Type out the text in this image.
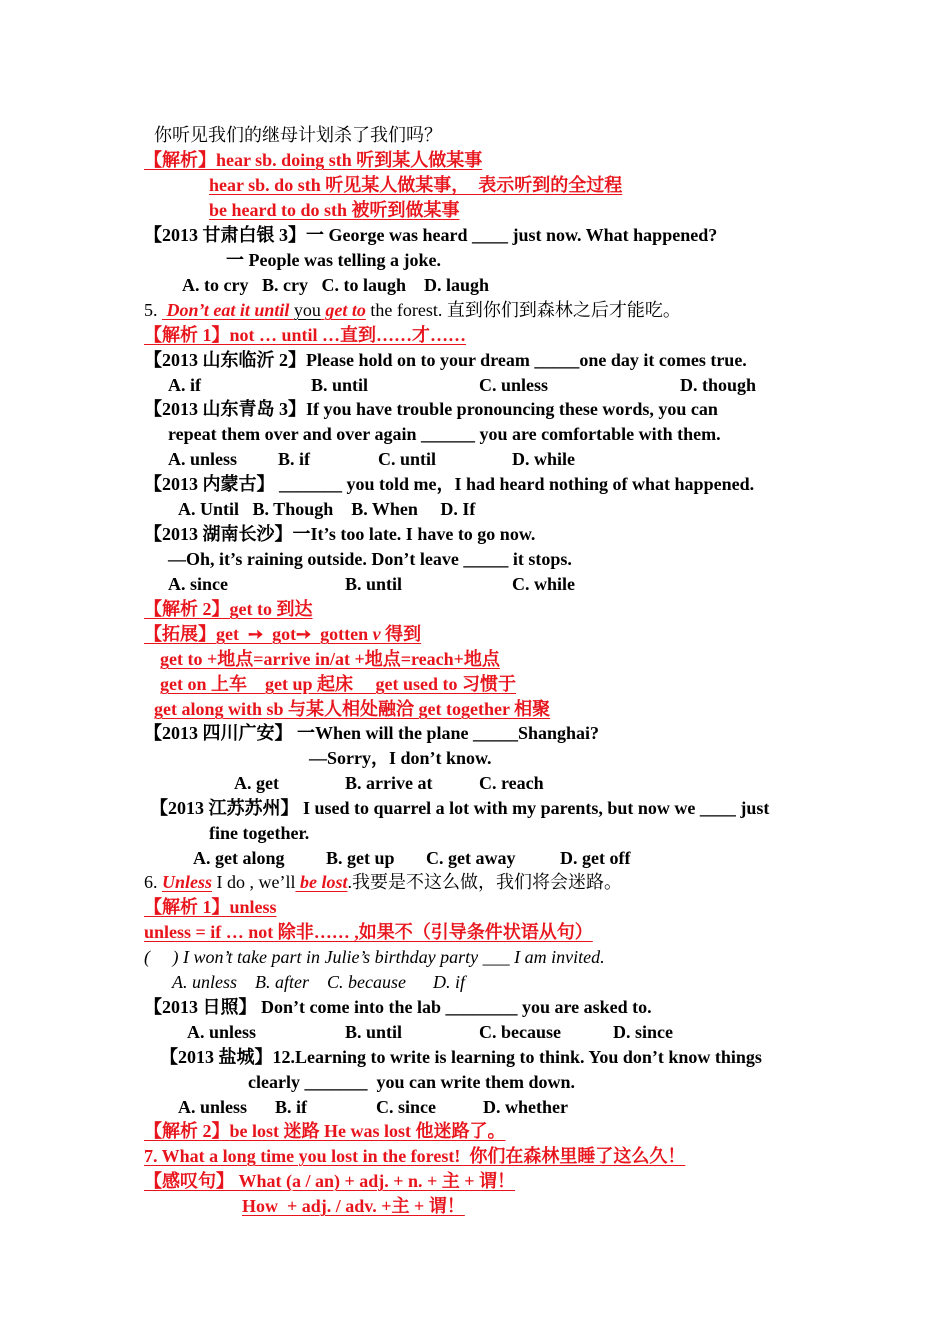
你听见我们的继母计划杀了我们吗？
【解析】hear sb. doing sth 听到某人做某事
hear sb. do sth 听见某人做某事，  表示听到的全过程
be heard to do sth 被听到做某事
【2013 甘肃白银 3】一 George was heard ____ just now. What happened?
一 People was telling a joke.
A. to cry   B. cry   C. to laugh    D. laugh
5.  Don’t eat it until you get to the forest. 直到你们到森林之后才能吃。
【解析 1】not … until …直到……才……
【2013 山东临沂 2】Please hold on to your dream _____one day it comes true.
A. if	B. until	C. unless	D. though
【2013 山东青岛 3】If you have trouble pronouncing these words, you can
repeat them over and over again ______ you are comfortable with them.
A. unless B. if	C. until	D. while
【2013 内蒙古】 _______ you told me，I had heard nothing of what happened.
A. Until   B. Though    B. When     D. If
【2013 湖南长沙】一It’s too late. I have to go now.
—Oh, it’s raining outside. Don’t leave _____ it stops.
A. since	B. until	C. while
【解析 2】get to 到达
【拓展】get  ➙  got➙  gotten v 得到
get to +地点=arrive in/at +地点=reach+地点
get on 上车    get up 起床     get used to 习惯于
get along with sb 与某人相处融洽 get together 相聚
【2013 四川广安】 一When will the plane _____Shanghai?
—Sorry，I don’t know.
A. get	B. arrive at	C. reach
【2013 江苏苏州】 I used to quarrel a lot with my parents, but now we ____ just
fine together.
A. get along B. get up C. get away D. get off
6. Unless I do , we’ll be lost.我要是不这么做，我们将会迷路。
【解析 1】unless
unless = if … not 除非…… ,如果不（引导条件状语从句）
(     ) I won’t take part in Julie’s birthday party ___ I am invited.
A. unless    B. after    C. because      D. if
【2013 日照】 Don’t come into the lab ________ you are asked to.
A. unless	B. until	C. because	D. since
【2013 盐城】12.Learning to write is learning to think. You don’t know things
clearly _______  you can write them down.
A. unless B. if	C. since	D. whether
【解析 2】be lost 迷路 He was lost 他迷路了。
7. What a long time you lost in the forest!  你们在森林里睡了这么久！
【感叹句】 What (a / an) + adj. + n. + 主 + 谓！
How  + adj. / adv. +主 + 谓！
